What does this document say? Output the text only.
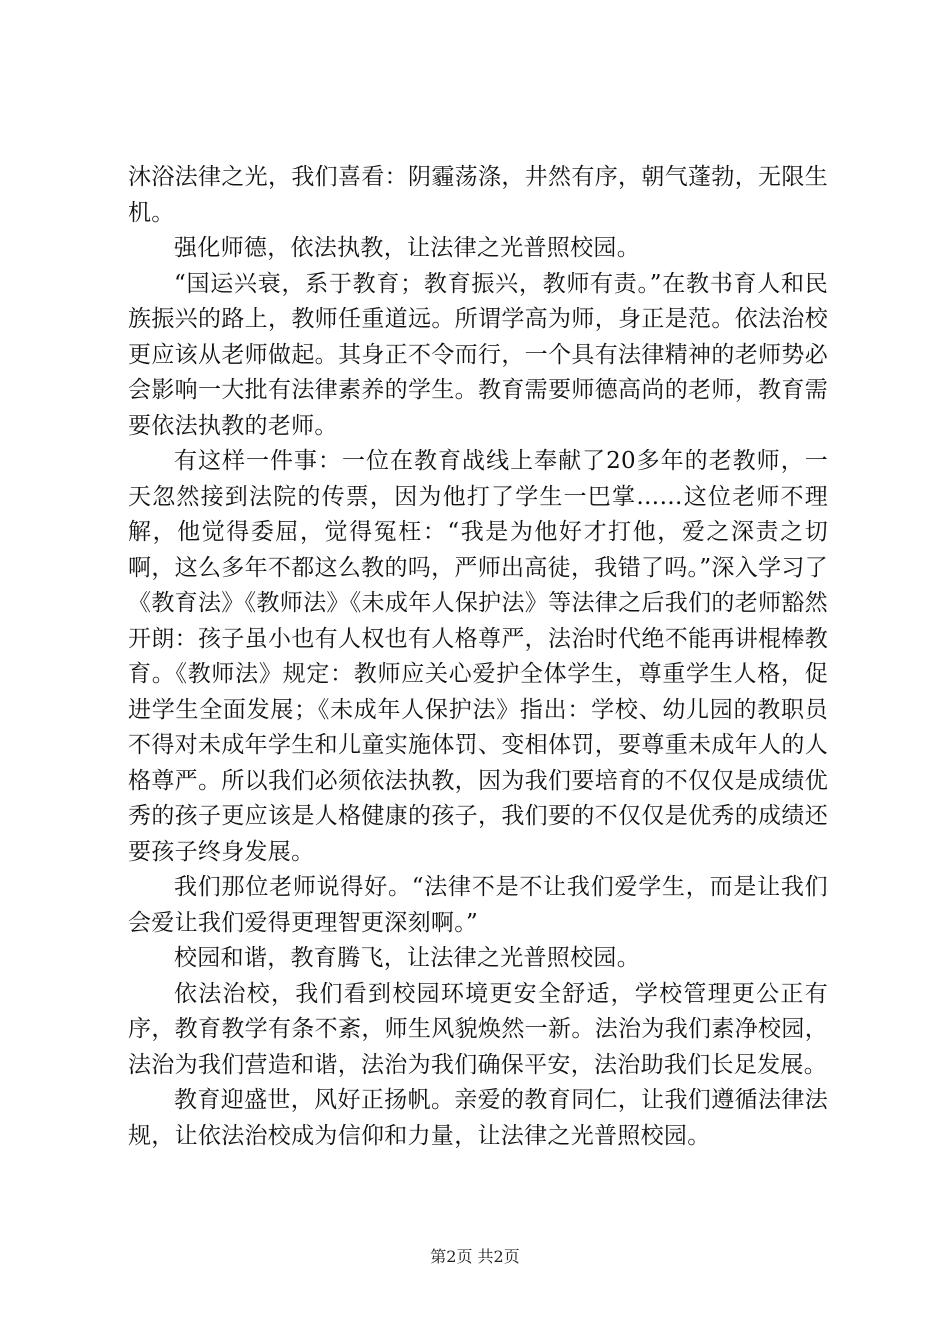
沐浴法律之光，我们喜看：阴霾荡涤，井然有序，朝气蓬勃，无限生机。

强化师德，依法执教，让法律之光普照校园。

“国运兴衰，系于教育；教育振兴，教师有责。”在教书育人和民族振兴的路上，教师任重道远。所谓学高为师，身正是范。依法治校更应该从老师做起。其身正不令而行，一个具有法律精神的老师势必会影响一大批有法律素养的学生。教育需要师德高尚的老师，教育需要依法执教的老师。

有这样一件事：一位在教育战线上奉献了20多年的老教师，一天忽然接到法院的传票，因为他打了学生一巴掌……这位老师不理解，他觉得委屈，觉得冤枉：“我是为他好才打他，爱之深责之切啊，这么多年不都这么教的吗，严师出高徒，我错了吗。”深入学习了《教育法》《教师法》《未成年人保护法》等法律之后我们的老师豁然开朗：孩子虽小也有人权也有人格尊严，法治时代绝不能再讲棍棒教育。《教师法》规定：教师应关心爱护全体学生，尊重学生人格，促进学生全面发展；《未成年人保护法》指出：学校、幼儿园的教职员不得对未成年学生和儿童实施体罚、变相体罚，要尊重未成年人的人格尊严。所以我们必须依法执教，因为我们要培育的不仅仅是成绩优秀的孩子更应该是人格健康的孩子，我们要的不仅仅是优秀的成绩还要孩子终身发展。

我们那位老师说得好。“法律不是不让我们爱学生，而是让我们会爱让我们爱得更理智更深刻啊。”

校园和谐，教育腾飞，让法律之光普照校园。

依法治校，我们看到校园环境更安全舒适，学校管理更公正有序，教育教学有条不紊，师生风貌焕然一新。法治为我们素净校园，法治为我们营造和谐，法治为我们确保平安，法治助我们长足发展。

教育迎盛世，风好正扬帆。亲爱的教育同仁，让我们遵循法律法规，让依法治校成为信仰和力量，让法律之光普照校园。

第2页 共2页
